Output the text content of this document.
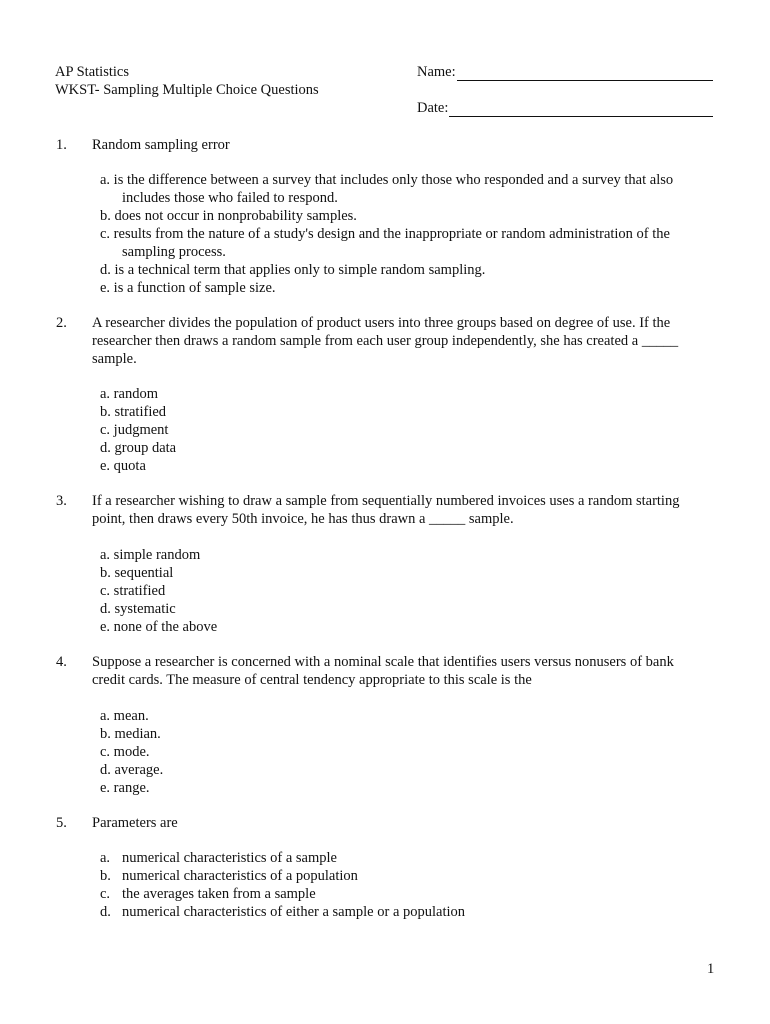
AP Statistics
WKST- Sampling Multiple Choice Questions
Name:
Date:
1. Random sampling error
a. is the difference between a survey that includes only those who responded and a survey that also
includes those who failed to respond.
b. does not occur in nonprobability samples.
c. results from the nature of a study's design and the inappropriate or random administration of the
sampling process.
d. is a technical term that applies only to simple random sampling.
e. is a function of sample size.
2. A researcher divides the population of product users into three groups based on degree of use. If the
researcher then draws a random sample from each user group independently, she has created a _____
sample.
a. random
b. stratified
c. judgment
d. group data
e. quota
3. If a researcher wishing to draw a sample from sequentially numbered invoices uses a random starting
point, then draws every 50th invoice, he has thus drawn a _____ sample.
a. simple random
b. sequential
c. stratified
d. systematic
e. none of the above
4. Suppose a researcher is concerned with a nominal scale that identifies users versus nonusers of bank
credit cards. The measure of central tendency appropriate to this scale is the
a. mean.
b. median.
c. mode.
d. average.
e. range.
5. Parameters are
a. numerical characteristics of a sample
b. numerical characteristics of a population
c. the averages taken from a sample
d. numerical characteristics of either a sample or a population
1
